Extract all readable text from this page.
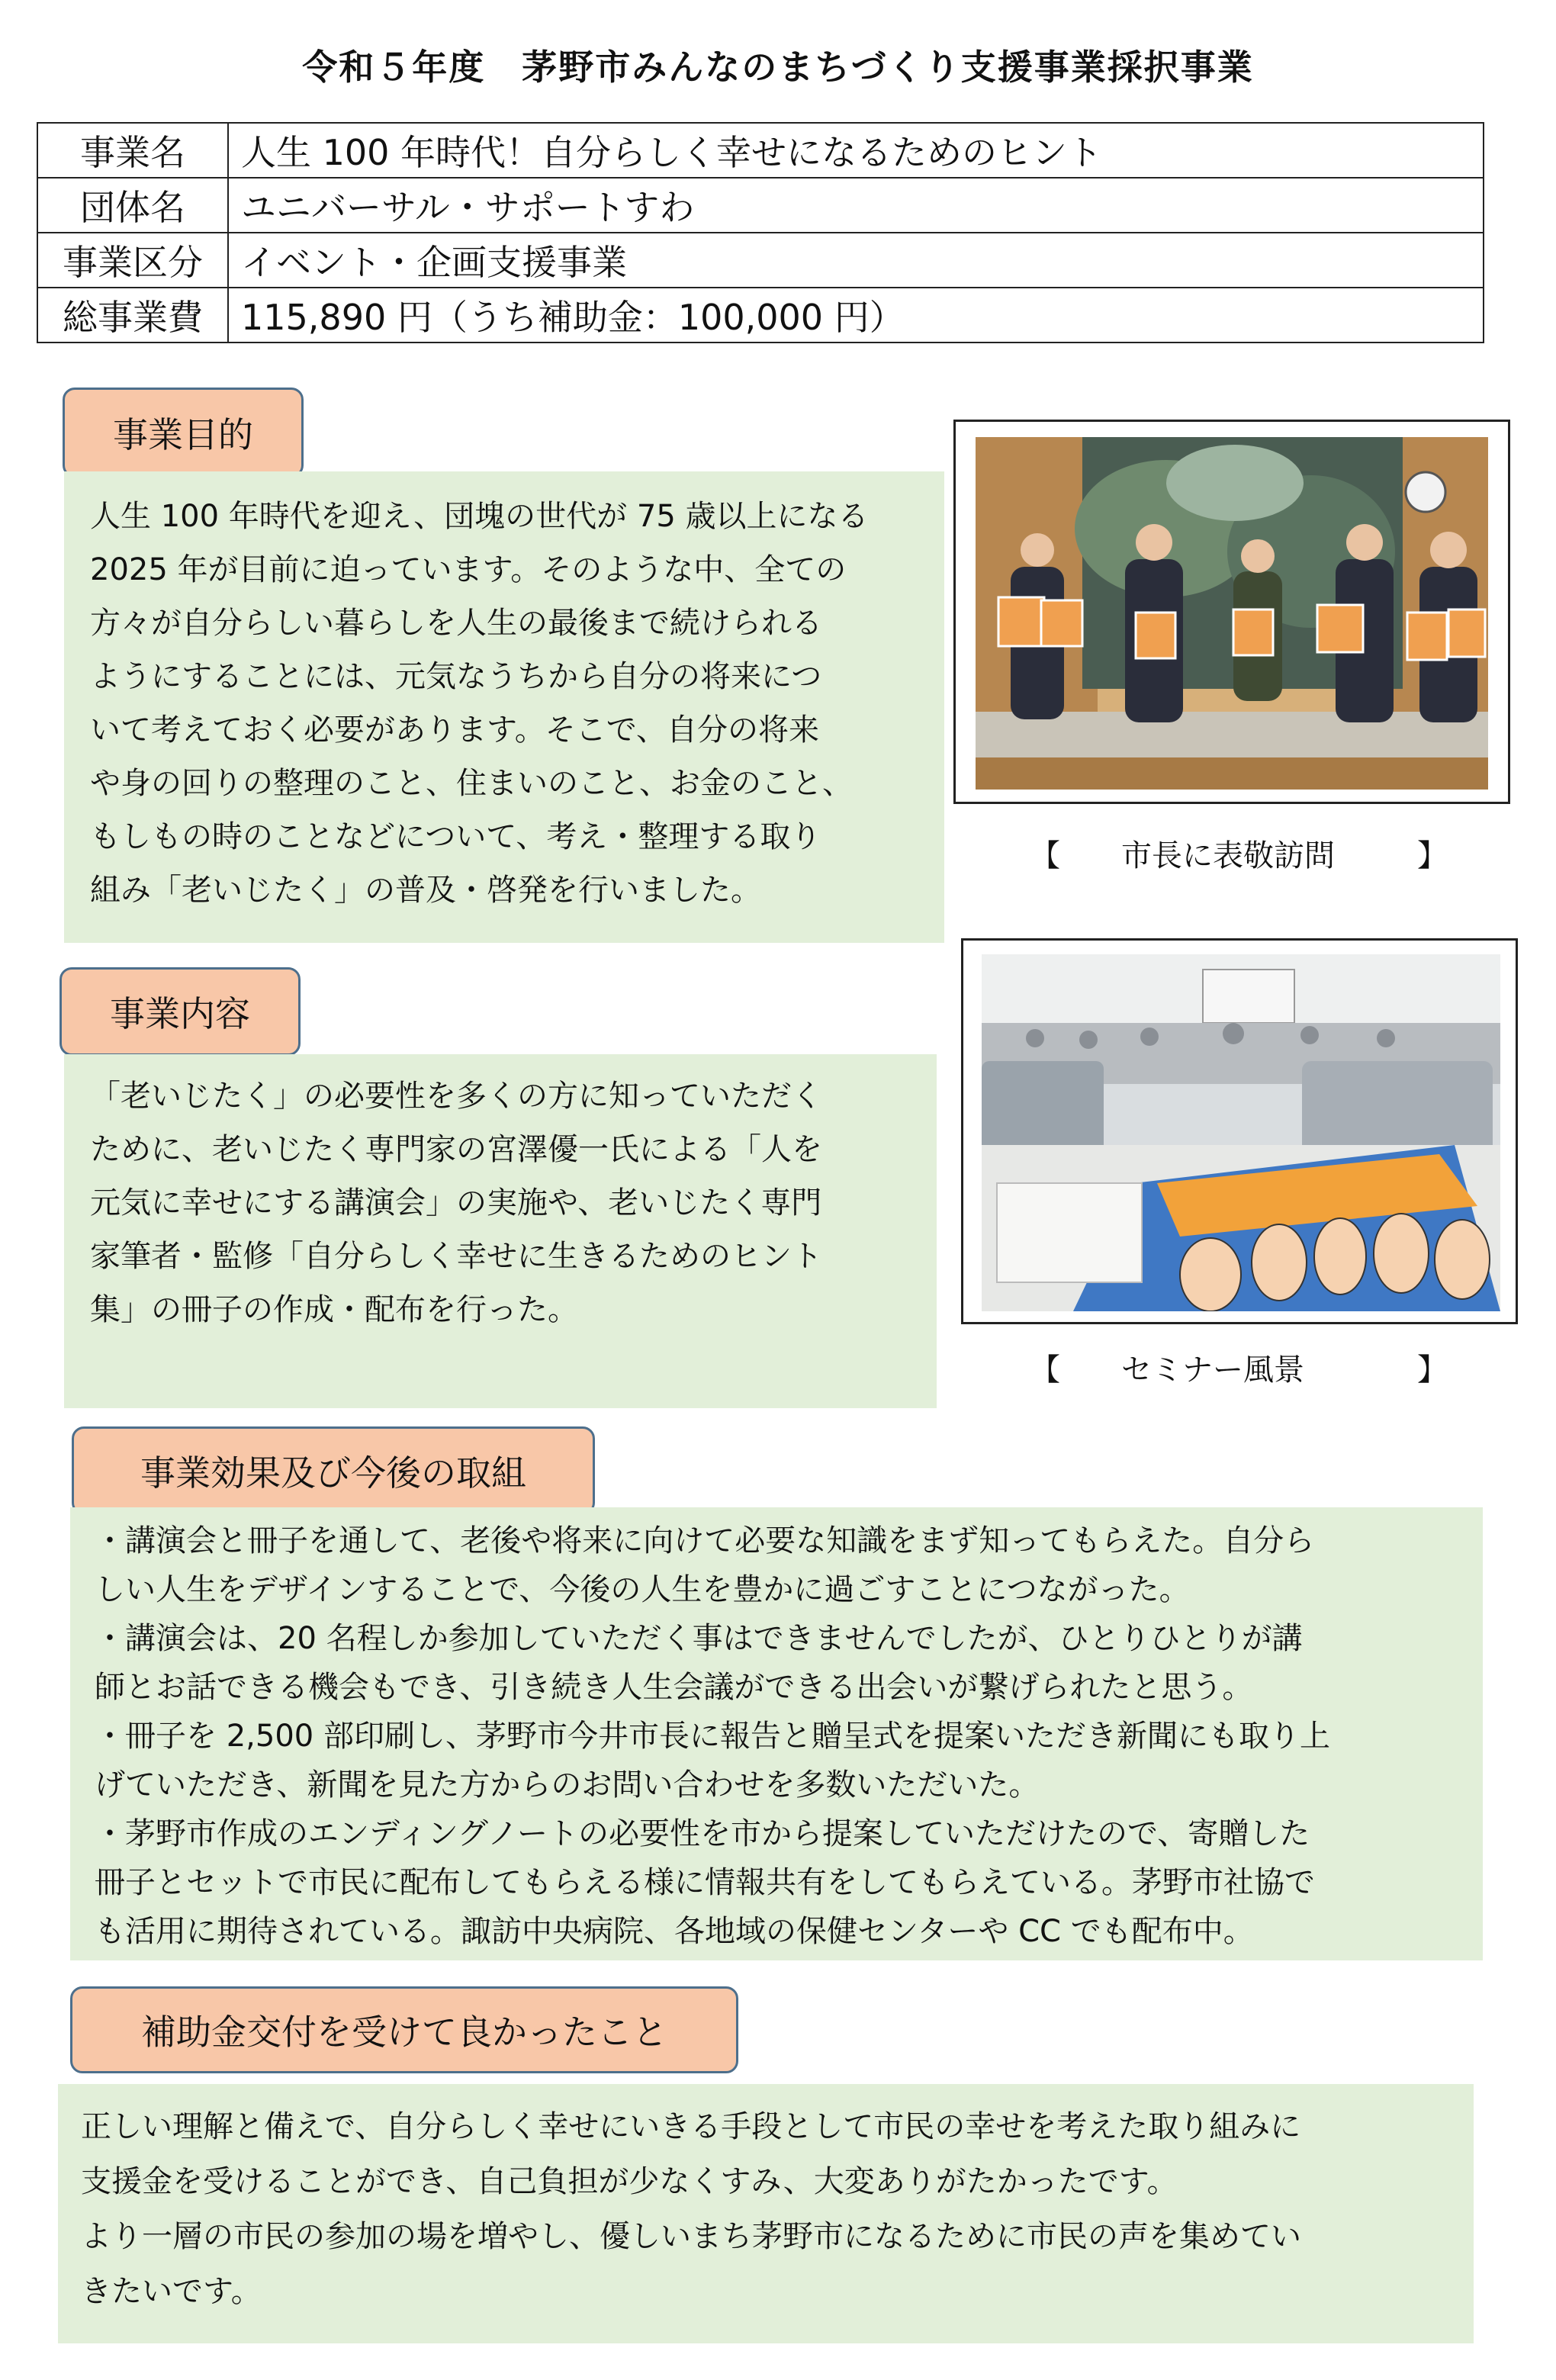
令和５年度　茅野市みんなのまちづくり支援事業採択事業
事業名	人生 100 年時代！自分らしく幸せになるためのヒント
団体名	ユニバーサル・サポートすわ
事業区分	イベント・企画支援事業
総事業費	115,890 円（うち補助金：100,000 円）
事業目的

人生 100 年時代を迎え、団塊の世代が 75 歳以上になる

2025 年が目前に迫っています。そのような中、全ての

方々が自分らしい暮らしを人生の最後まで続けられる

ようにすることには、元気なうちから自分の将来につ

いて考えておく必要があります。そこで、自分の将来

や身の回りの整理のこと、住まいのこと、お金のこと、

もしもの時のことなどについて、考え・整理する取り

組み「老いじたく」の普及・啓発を行いました。

【 市長に表敬訪問	】
事業内容

「老いじたく」の必要性を多くの方に知っていただく

ために、老いじたく専門家の宮澤優一氏による「人を

元気に幸せにする講演会」の実施や、老いじたく専門

家筆者・監修「自分らしく幸せに生きるためのヒント

集」の冊子の作成・配布を行った。

【 セミナー風景	】
事業効果及び今後の取組

・講演会と冊子を通して、老後や将来に向けて必要な知識をまず知ってもらえた。自分ら

しい人生をデザインすることで、今後の人生を豊かに過ごすことにつながった。

・講演会は、20 名程しか参加していただく事はできませんでしたが、ひとりひとりが講

師とお話できる機会もでき、引き続き人生会議ができる出会いが繋げられたと思う。

・冊子を 2,500 部印刷し、茅野市今井市長に報告と贈呈式を提案いただき新聞にも取り上

げていただき、新聞を見た方からのお問い合わせを多数いただいた。

・茅野市作成のエンディングノートの必要性を市から提案していただけたので、寄贈した

冊子とセットで市民に配布してもらえる様に情報共有をしてもらえている。茅野市社協で

も活用に期待されている。諏訪中央病院、各地域の保健センターや CC でも配布中。

補助金交付を受けて良かったこと

正しい理解と備えで、自分らしく幸せにいきる手段として市民の幸せを考えた取り組みに

支援金を受けることができ、自己負担が少なくすみ、大変ありがたかったです。

より一層の市民の参加の場を増やし、優しいまち茅野市になるために市民の声を集めてい

きたいです。
